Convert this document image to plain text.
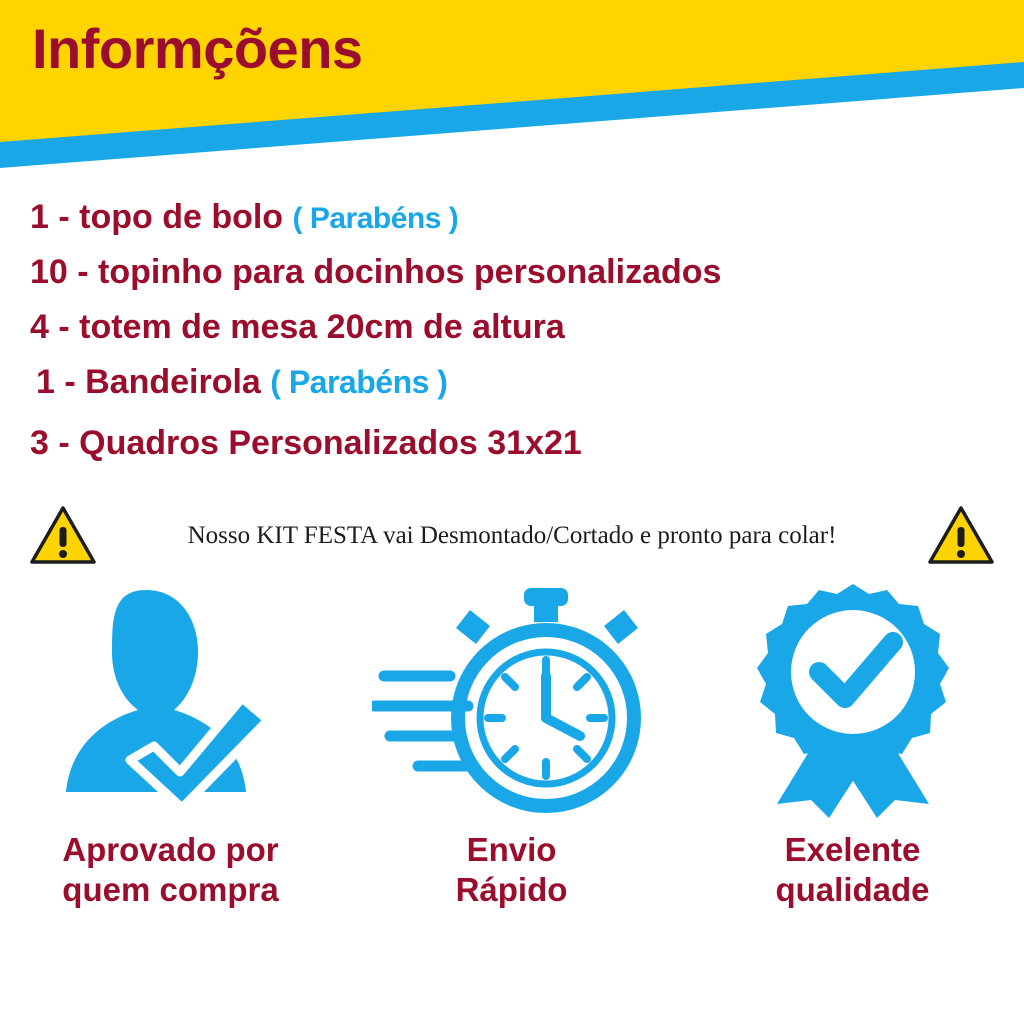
Informçõens
1 - topo de bolo ( Parabéns )
10 - topinho para docinhos personalizados
4 - totem de mesa 20cm de altura
1 - Bandeirola ( Parabéns )
3 - Quadros Personalizados 31x21
Nosso KIT FESTA vai Desmontado/Cortado e pronto para colar!
Aprovado por
quem compra
Envio
Rápido
Exelente
qualidade
